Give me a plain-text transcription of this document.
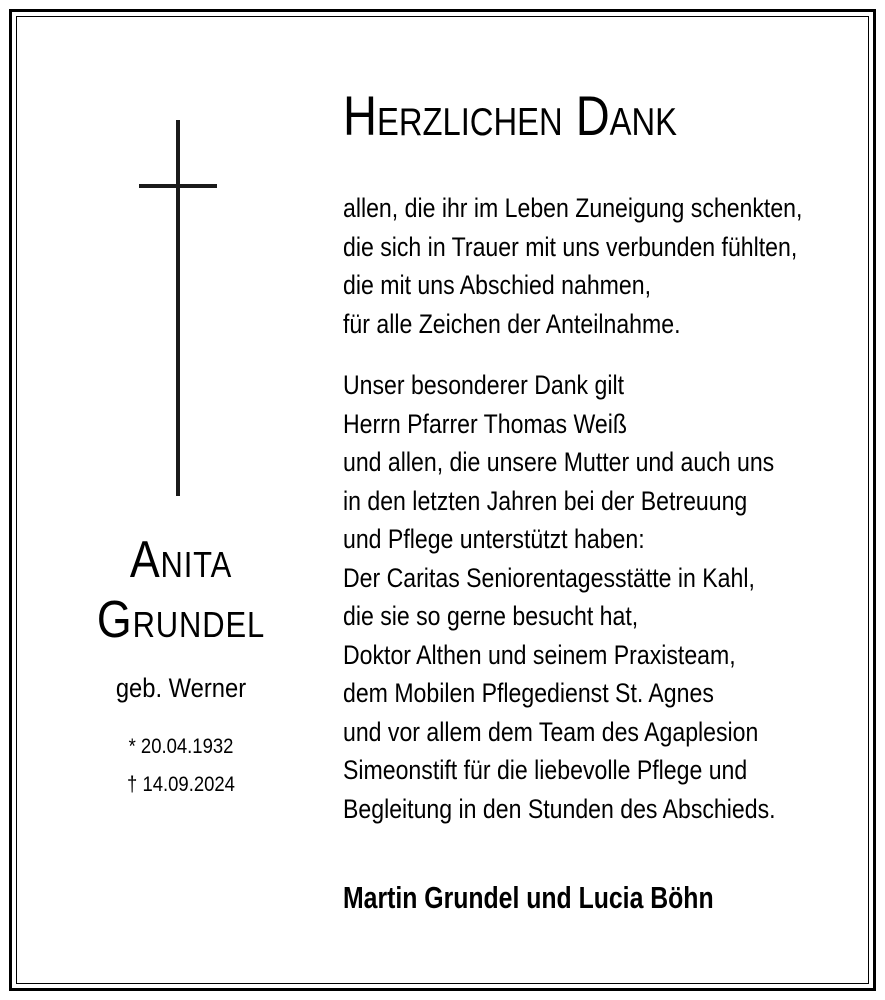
Anita
Grundel
geb. Werner
* 20.04.1932
† 14.09.2024
Herzlichen Dank
allen, die ihr im Leben Zuneigung schenkten,
die sich in Trauer mit uns verbunden fühlten,
die mit uns Abschied nahmen,
für alle Zeichen der Anteilnahme.
Unser besonderer Dank gilt
Herrn Pfarrer Thomas Weiß
und allen, die unsere Mutter und auch uns
in den letzten Jahren bei der Betreuung
und Pflege unterstützt haben:
Der Caritas Seniorentagesstätte in Kahl,
die sie so gerne besucht hat,
Doktor Althen und seinem Praxisteam,
dem Mobilen Pflegedienst St. Agnes
und vor allem dem Team des Agaplesion
Simeonstift für die liebevolle Pflege und
Begleitung in den Stunden des Abschieds.
Martin Grundel und Lucia Böhn
